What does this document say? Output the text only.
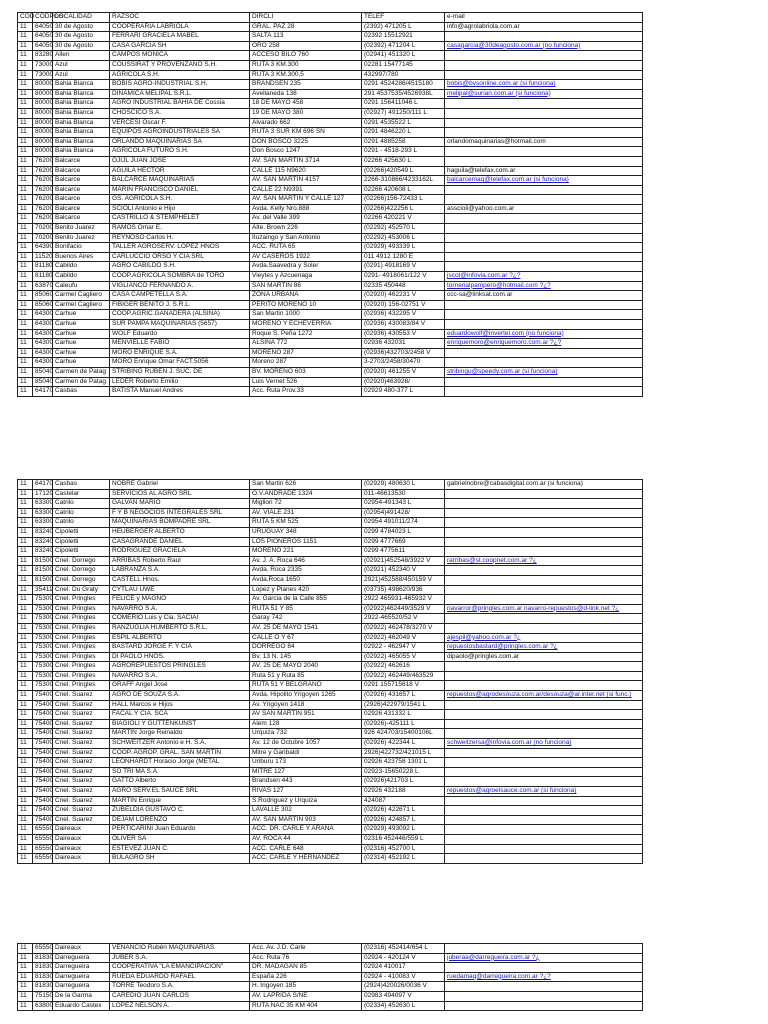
COD	CODPOS	LOCALIDAD	RAZSOC	DIRCLI	TELEF	e-mail
11	64050	30 de Agosto	COOPERARIA LABRIOLA	GRAL. PAZ 28	(2392) 471205 L	info@agrolabriola.com.ar
11	64050	30 de Agosto	FERRARI GRACIELA MABEL	SALTA 113	02392 15512921	
11	64050	30 de Agosto	CASA GARCIA SH	ORO 258	(02392) 471204 L	casagarcia@30deagosto.com.ar (no funciona)
11	83280	Allen	CAMPOS MONICA	ACCESO BILO 760	(02941) 451320 L	
11	73000	Azul	COUSSIRAT Y PROVENZANO S.H.	RUTA 3 KM.300	02281 15477145	
11	73000	Azul	AGRICOLA S.H.	RUTA 3 KM.300,5	432997/780	
11	80000	Bahia Blanca	BOBIS AGRO-INDUSTRIAL S.H.	BRANDSEN 235	0291 4524286/4515180	bobis@bvsonline.com.ar (si funciona)
11	80000	Bahia Blanca	DINAMICA MELIPAL S.R.L.	Avellaneda 138	291 4537535/4526938L	melipal@surian.com.ar (si funciona)
11	80000	Bahia Blanca	AGRO INDUSTRIAL BAHIA DE Cossia	18 DE MAYO 458	0291 156411046 L	
11	80000	Bahia Blanca	CHOSCICO S.A.	19 DE MAYO 380	(02927) 491250/111 L	
11	80000	Bahia Blanca	VERCESI Oscar F.	Alvarado 662	0291 4535522 L	
11	80000	Bahia Blanca	EQUIPOS AGROINDUSTRIALES SA	RUTA 3 SUR KM 696 SN	0291 4846220 L	
11	80000	Bahia Blanca	ORLANDO MAQUINARIAS SA	DON BOSCO 3225	0291 4885258	orlandomaquinarias@hotmail.com
11	80000	Bahia Blanca	AGRICOLA FUTURO S.H.	Don Bosco 1247	0291 - 4518-293 L	
11	76200	Balcarce	OJIJL JUAN JOSE	AV. SAN MARTIN 3714	02266 425630 L	
11	76200	Balcarce	AGUILA HECTOR	CALLE 115 N9620	(02266)420549 L	haguila@telefax.com.ar
11	76200	Balcarce	BALCARCE MAQUINARIAS	AV. SAN MARTIN 4157	2266-310866/4233162L	balcarcemaq@telefax.com.ar (si funciona)
11	76200	Balcarce	MARIN FRANCISCO DANIEL	CALLE 22 N9391	02266 420608 L	
11	76200	Balcarce	GS. AGRICOLA S.H.	AV. SAN MARTIN Y CALLE 127	(02266)156-72433 L	
11	76200	Balcarce	SCIOLI Antonio e Hijo	Avda. Kelly Nro.888	(02266)422256 L	asscioli@yahoo.com.ar
11	76200	Balcarce	CASTRILLO & STEMPHELET	Av. del Valle 399	02266 420221 V	
11	70200	Benito Juarez	RAMOS Omar E.	Alte. Brown 226	(02292) 452570 L	
11	70200	Benito Juarez	REYNOSO Carlos H.	Ituzaingo y San Antonio	(02292) 453006 L	
11	64390	Bonifacio	TALLER AGROSERV. LOPEZ HNOS	ACC. RUTA 65	(02929) 493339 L	
11	11520	Buenos Aires	CARLUCCIO ORSO Y CIA SRL	AV CASEROS 1922	011 4912 1280 E	
11	81180	Cabildo	AGRO CABILDO S.H.	Avda.Saavedra y Soler	(0291) 4918169 V	
11	81180	Cabildo	COOP.AGRICOLA SOMBRA de TORO	Vieytes y Azcuenaga	0291- 4918061/122 V	jscot@infovia.com.ar ?¿?
11	63870	Caleufu	VIGLIANCO FERNANDO A.	SAN MARTIN 86	02335 450448	tornerialpampero@hotmail.com ?¿?
11	85060	Carmel Cagliero	CASA CAMPETELLA S.A.	ZONA URBANA	(02920) 462231 V	ccc-sa@linksat.com.ar
11	85060	Carmel Cagliero	FIBIGER BENITO J. S.R.L.	PERITO MORENO 10	(02920) 156-02751 V	
11	64300	Carhue	COOP.AGRIC.GANADERA (ALSINA)	San Martin 1000	(02936) 432295 V	
11	64300	Carhue	SUR PAMPA MAQUINARIAS (5657)	MORENO Y ECHEVERRIA	(02936) 430083/84 V	
11	64300	Carhue	WOLF Eduardo	Roque S. Peña 1272	(02936) 430553 V	eduardowolf@invertel.com (no funciona)
11	64300	Carhue	MENVIELLE FABIO	ALSINA 772	02936 432031	enriquemoro@enriquemoro.com.ar ?¿?
11	64300	Carhue	MORO ENRIQUE S.A.	MORENO 287	(02936)432703/2458 V	
11	64300	Carhue	MORO Enrique Omar FACT.5056	Moreno 287	3-2703/2458/30470	
11	85040	Carmen de Patag	STRIBING RUBEN J. SUC. DE	BV. MORENO 603	(02920) 461255 V	stribingu@speedy.com.ar (si funciona)
11	85040	Carmen de Patag	LEDER Roberto Emilio	Luis Vernet 526	(02920)463928/	
11	64170	Casbas	BATISTA Manuel Andres	Acc. Ruta Prov.33	02929 480-377 L	
11	64170	Casbas	NOBRE Gabriel	San Martin 626	(02929) 480630 L	gabrielnobre@cabasdigital.com.ar (si funciona)
11	17120	Castelar	SERVICIOS AL AGRO SRL	O.V.ANDRADE 1324	011-46613530	
11	63300	Catrilo	GALVAN MARIO	Migliori 72	02954-491343 L	
11	63300	Catrilo	F Y B NEGOCIOS INTEGRALES SRL	AV. VIALE 231	(02954)491428/	
11	63300	Catrilo	MAQUINARIAS BOMPADRE SRL	RUTA 5 KM 525	02954 491011/274	
11	83240	Cipoletti	HEUBERGER ALBERTO	URUGUAY 348	0299 4784023 L	
11	83240	Cipoletti	CASAGRANDE DANIEL	LOS PIONEROS 1151	0299 4777669	
11	83240	Cipoletti	RODRIGUEZ GRACIELA	MORENO 221	0299 4775611	
11	81500	Cnel. Dorrego	ARRIBAS Roberto Raul	Av. J. A. Roca 646	(02921)452548/3922 V	rarribas@st.coopnet.com.ar ?¿
11	81500	Cnel. Dorrego	LABRANZA S.A.	Avda. Roca 2335	(02921) 452340 V	
11	81500	Cnel. Dorrego	CASTELL Hnos.	Avda.Roca 1650	2921)452588/450159 V	
11	35411	Cnel. Du Graty	CYTLAU UWE	Lopez y Planes 420	(03735) 498620/936	
11	75300	Cnel. Pringles	FELICE y MAGNO	Av. Garcia de la Calle 855	2922 465931-465932 V	
11	75300	Cnel. Pringles	NAVARRO S.A.	RUTA 51 Y 85	(02922)462449/3529 V	navarror@pringles.com.ar navarro-repuestos@d-link.net ?¿
11	75300	Cnel. Pringles	COMERIO Luis y Cia. SACIAI	Garay 742	2922-465520/52 V	
11	75300	Cnel. Pringles	RANZUGLIA HUMBERTO S.R.L.	AV. 25 DE MAYO 1541	(02922) 462478/3270 V	
11	75300	Cnel. Pringles	ESPIL ALBERTO	CALLE O Y 67	(02922) 462049 V	ajespil@yahoo.com.ar ?¿
11	75300	Cnel. Pringles	BASTARD JORGE F. Y CIA	DORREGO 84	02922 - 462947 V	repuestosbastard@pringles.com.ar ?¿
11	75300	Cnel. Pringles	DI PAOLO HNOS.	Bv. 13 N. 145	(02922) 465055 V	dipaolo@pringles.com.ar
11	75300	Cnel. Pringles	AGROREPUESTOS PRINGLES	AV. 25 DE MAYO 2040	(02922) 462616	
11	75300	Cnel. Pringles	NAVARRO S.A.	Ruta 51 y Ruta 85	(02922) 462449/463529	
11	75300	Cnel. Pringles	GRAFF Angel José	RUTA 51 Y BELGRANO	0291 155715618 V	
11	75400	Cnel. Suarez	AGRO DE SOUZA S.A.	Avda. Hipolito Yrigoyen 1265	(02926) 431657 L	repuestos@agrodesouza.com.ar/desouza@ar.inter.net (si func.)
11	75400	Cnel. Suarez	HALL Marcos e Hijos	Av. Yrigoyen 1418	(2926)422979/1541 L	
11	75400	Cnel. Suarez	FACAL Y CIA. SCA	AV SAN MARTIN 951	02926 431332 L	
11	75400	Cnel. Suarez	BIAGIOLI Y GUTTENKUNST	Alem 128	(02926)-425111 L	
11	75400	Cnel. Suarez	MARTIN Jorge Reinaldo	Urquiza 732	926 424703/15400106L	
11	75400	Cnel. Suarez	SCHWEITZER Antonio e H. S.A.	Av. 12 de Octubre 1057	(02926) 422344 L	schweitzersa@infovia.com.ar (no funciona)
11	75400	Cnel. Suarez	COOP. AGROP. GRAL. SAN MARTIN	Mitre y Garibaldi	2926)422732/421015 L	
11	75400	Cnel. Suarez	LEONHARDT Horacio Jorge (METAL	Uriburu 173	02926 423758 1301 L	
11	75400	Cnel. Suarez	SO TRI MA S.A.	MITRE 127	02923-15650228 L	
11	75400	Cnel. Suarez	GATTO Alberto	Brandsen 443	(02926)421703 L	
11	75400	Cnel. Suarez	AGRO SERV.EL SAUCE SRL	RIVAS 127	02926 432188	repuestos@agroelsauce.com.ar (si funciona)
11	75400	Cnel. Suarez	MARTIN Enrique	S.Rodriguez y Urquiza	424087	
11	75400	Cnel. Suarez	ZUBELDIA GUSTAVO C.	LAVALLE 302	(02926) 422671 L	
11	75400	Cnel. Suarez	DEJAM LORENZO	AV. SAN MARTIN 903	(02926) 424857 L	
11	65550	Daireaux	PERTICARINI Juan Eduardo	ACC. DR. CARLE Y ARANA	(02929) 493092 L	
11	65550	Daireaux	OLIVER SA	AV. ROCA 44	02316 452446/559 L	
11	65550	Daireaux	ESTEVEZ JUAN C.	ACC. CARLE 648	(02316) 452700 L	
11	65550	Daireaux	BULAGRO SH	ACC. CARLE Y HERNANDEZ	(02314) 452192 L	
11	65550	Daireaux	VENANCIO Rubén MAQUINARIAS	Acc. Av. J.D. Carle	(02316) 452414/654 L	
11	81830	Darregueira	JUBER S.A.	Acc. Ruta 76	02924 - 420124 V	juberaa@darregueira.com.ar ?¿
11	81830	Darregueira	COOPERATIVA "LA EMANCIPACION"	DR. MADAGAN 85	02924 410017	
11	81830	Darregueira	RUEDA EDUARDO RAFAEL	España 226	02924 - 410083 V	ruedamaq@darregueira.com.ar ?¿?
11	81830	Darregueira	TORRE Teodoro S.A.	H. Irigoyen 185	(2924)420026/0036 V	
11	75150	De la Garma	CAREDIO JUAN CARLOS	AV. LAPRIDA S/NE	02983 494097 V	
11	63800	Eduardo Castex	LOPEZ NELSON A.	RUTA NAC 35 KM 404	(02334) 452630 L	
